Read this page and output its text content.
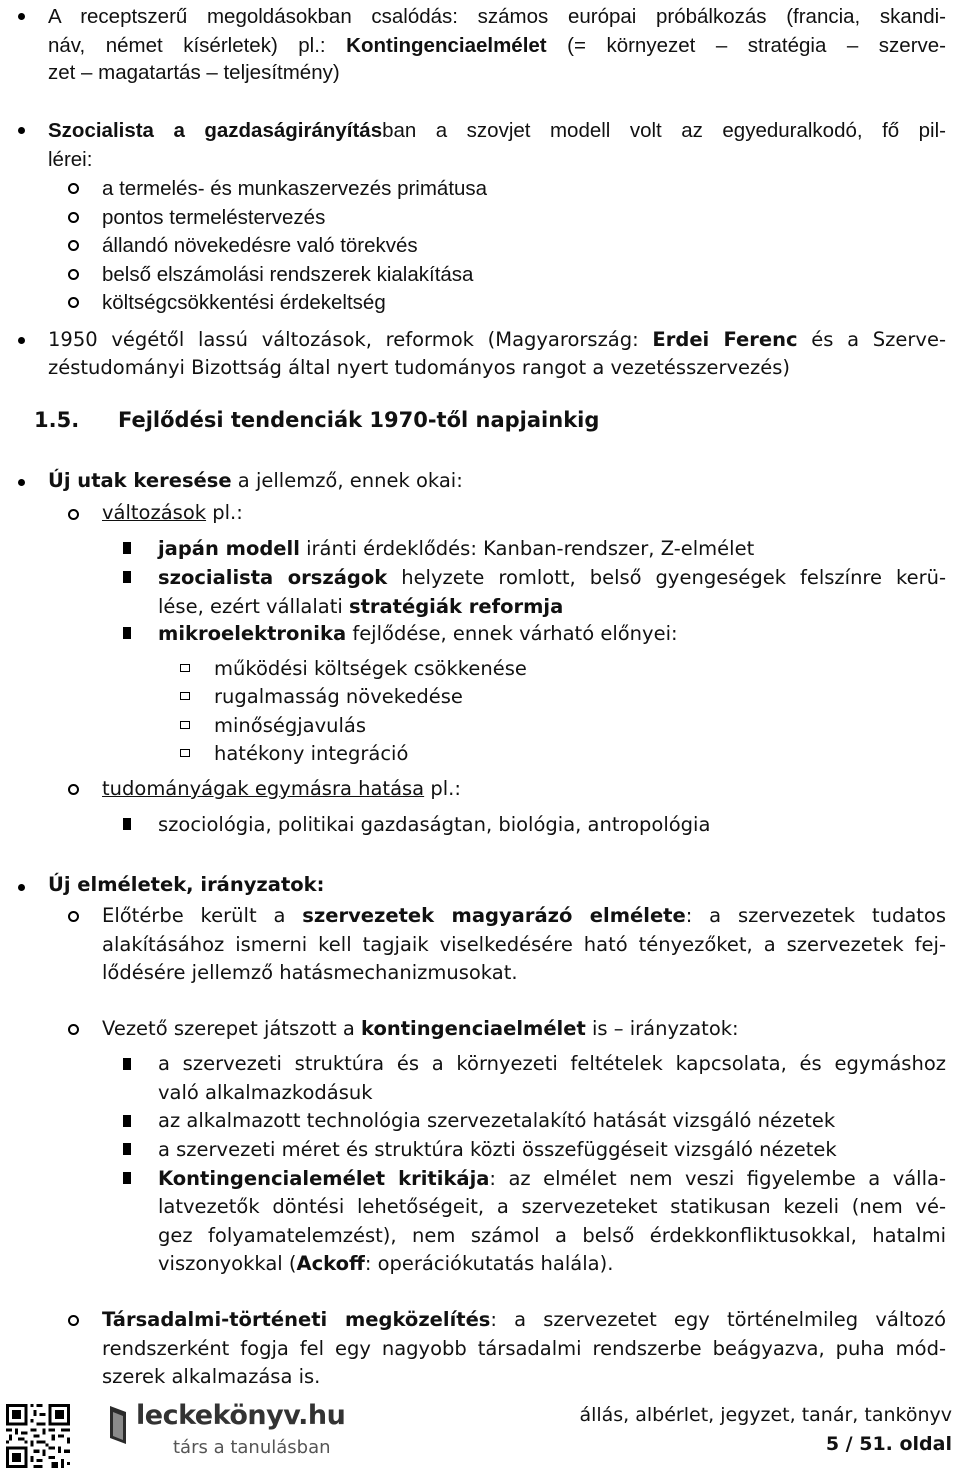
A receptszerű megoldásokban csalódás: számos európai próbálkozás (francia, skandi-
náv, német kísérletek) pl.: Kontingenciaelmélet (= környezet – stratégia – szerve-
zet – magatartás – teljesítmény)
Szocialista a gazdaságirányításban a szovjet modell volt az egyeduralkodó, fő pil-
lérei:
a termelés- és munkaszervezés primátusa
pontos termeléstervezés
állandó növekedésre való törekvés
belső elszámolási rendszerek kialakítása
költségcsökkentési érdekeltség
1950 végétől lassú változások, reformok (Magyarország: Erdei Ferenc és a Szerve-
zéstudományi Bizottság által nyert tudományos rangot a vezetésszervezés)
1.5. Fejlődési tendenciák 1970-től napjainkig
Új utak keresése a jellemző, ennek okai:
változások pl.:
japán modell iránti érdeklődés: Kanban-rendszer, Z-elmélet
szocialista országok helyzete romlott, belső gyengeségek felszínre kerü-
lése, ezért vállalati stratégiák reformja
mikroelektronika fejlődése, ennek várható előnyei:
működési költségek csökkenése
rugalmasság növekedése
minőségjavulás
hatékony integráció
tudományágak egymásra hatása pl.:
szociológia, politikai gazdaságtan, biológia, antropológia
Új elméletek, irányzatok:
Előtérbe került a szervezetek magyarázó elmélete: a szervezetek tudatos
alakításához ismerni kell tagjaik viselkedésére ható tényezőket, a szervezetek fej-
lődésére jellemző hatásmechanizmusokat.
Vezető szerepet játszott a kontingenciaelmélet is – irányzatok:
a szervezeti struktúra és a környezeti feltételek kapcsolata, és egymáshoz
való alkalmazkodásuk
az alkalmazott technológia szervezetalakító hatását vizsgáló nézetek
a szervezeti méret és struktúra közti összefüggéseit vizsgáló nézetek
Kontingencialemélet kritikája: az elmélet nem veszi figyelembe a válla-
latvezetők döntési lehetőségeit, a szervezeteket statikusan kezeli (nem vé-
gez folyamatelemzést), nem számol a belső érdekkonfliktusokkal, hatalmi
viszonyokkal (Ackoff: operációkutatás halála).
Társadalmi-történeti megközelítés: a szervezetet egy történelmileg változó
rendszerként fogja fel egy nagyobb társadalmi rendszerbe beágyazva, puha mód-
szerek alkalmazása is.
leckekönyv.hu
társ a tanulásban
állás, albérlet, jegyzet, tanár, tankönyv
5 / 51. oldal
